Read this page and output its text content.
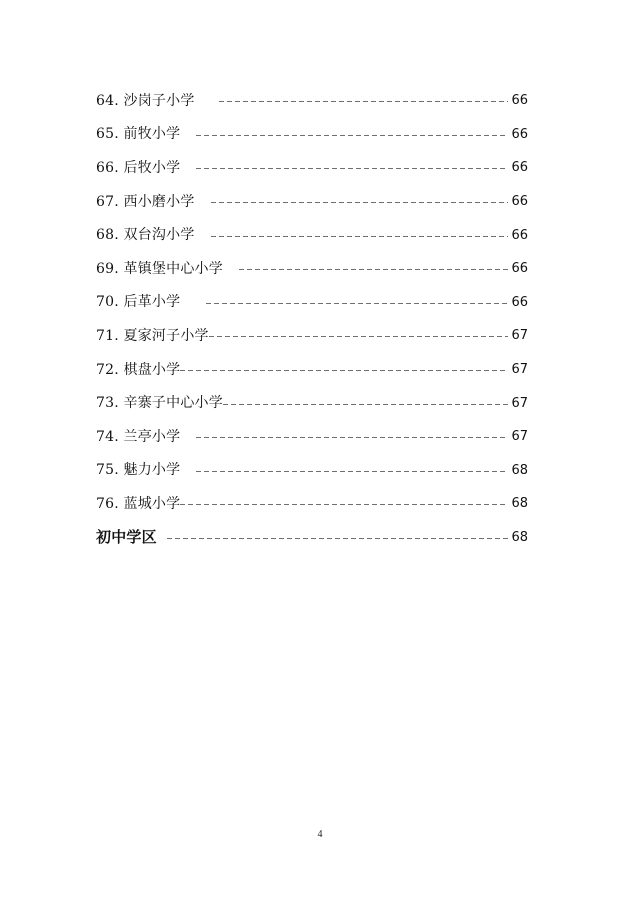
64. 沙岗子小学	66
65. 前牧小学	66
66. 后牧小学	66
67. 西小磨小学	66
68. 双台沟小学	66
69. 革镇堡中心小学	66
70. 后革小学	66
71. 夏家河子小学	67
72. 棋盘小学	67
73. 辛寨子中心小学	67
74. 兰亭小学	67
75. 魅力小学	68
76. 蓝城小学	68
初中学区	68
4
